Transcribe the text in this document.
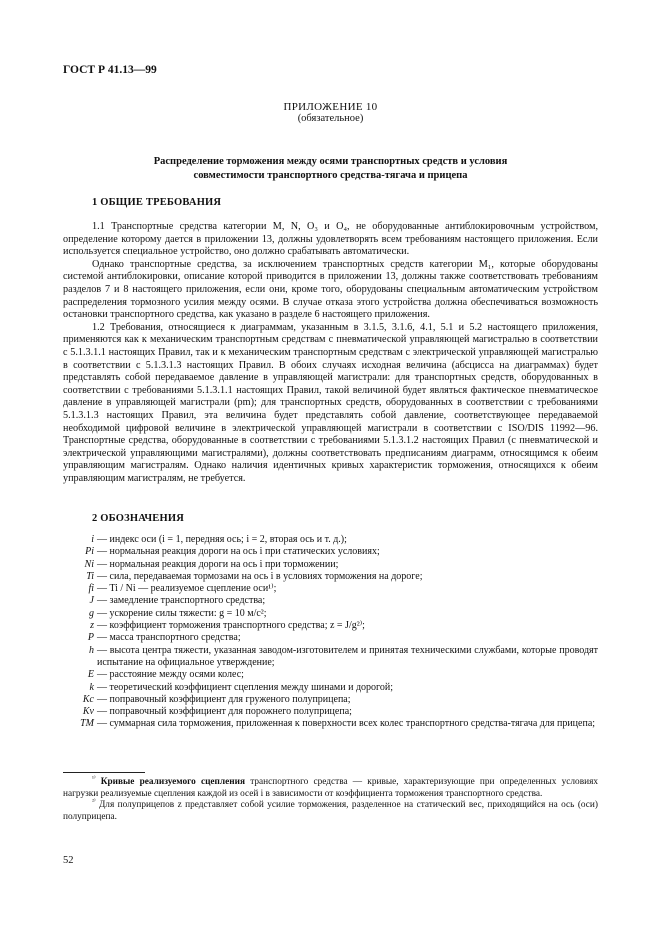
ГОСТ Р 41.13—99
ПРИЛОЖЕНИЕ 10
(обязательное)
Распределение торможения между осями транспортных средств и условия
совместимости транспортного средства-тягача и прицепа
1 ОБЩИЕ ТРЕБОВАНИЯ

1.1 Транспортные средства категории M, N, O₃ и O₄, не оборудованные антиблокировочным устройством, определение которому дается в приложении 13, должны удовлетворять всем требованиям настоящего приложения. Если используется специальное устройство, оно должно срабатывать автоматически.

Однако транспортные средства, за исключением транспортных средств категории M₁, которые оборудованы системой антиблокировки, описание которой приводится в приложении 13, должны также соответствовать требованиям разделов 7 и 8 настоящего приложения, если они, кроме того, оборудованы специальным автоматическим устройством распределения тормозного усилия между осями. В случае отказа этого устройства должна обеспечиваться возможность остановки транспортного средства, как указано в разделе 6 настоящего приложения.

1.2 Требования, относящиеся к диаграммам, указанным в 3.1.5, 3.1.6, 4.1, 5.1 и 5.2 настоящего приложения, применяются как к механическим транспортным средствам с пневматической управляющей магистралью в соответствии с 5.1.3.1.1 настоящих Правил, так и к механическим транспортным средствам с электрической управляющей магистралью в соответствии с 5.1.3.1.3 настоящих Правил. В обоих случаях исходная величина (абсцисса на диаграммах) будет представлять собой передаваемое давление в управляющей магистрали: для транспортных средств, оборудованных в соответствии с требованиями 5.1.3.1.1 настоящих Правил, такой величиной будет являться фактическое пневматическое давление в управляющей магистрали (pm); для транспортных средств, оборудованных в соответствии с требованиями 5.1.3.1.3 настоящих Правил, эта величина будет представлять собой давление, соответствующее передаваемой необходимой цифровой величине в электрической управляющей магистрали в соответствии с ISO/DIS 11992—96. Транспортные средства, оборудованные в соответствии с требованиями 5.1.3.1.2 настоящих Правил (с пневматической и электрической управляющими магистралями), должны соответствовать предписаниям диаграмм, относящимся к обеим управляющим магистралям. Однако наличия идентичных кривых характеристик торможения, относящихся к обеим управляющим магистралям, не требуется.

2 ОБОЗНАЧЕНИЯ
i — индекс оси (i = 1, передняя ось; i = 2, вторая ось и т. д.);
Pi — нормальная реакция дороги на ось i при статических условиях;
Ni — нормальная реакция дороги на ось i при торможении;
Ti — сила, передаваемая тормозами на ось i в условиях торможения на дороге;
fi — Ti / Ni — реализуемое сцепление оси¹⁾;
J — замедление транспортного средства;
g — ускорение силы тяжести: g = 10 м/с²;
z — коэффициент торможения транспортного средства; z = J/g²⁾;
P — масса транспортного средства;
h — высота центра тяжести, указанная заводом-изготовителем и принятая техническими службами, которые проводят испытание на официальное утверждение;
E — расстояние между осями колес;
k — теоретический коэффициент сцепления между шинами и дорогой;
Kc — поправочный коэффициент для груженого полуприцепа;
Kv — поправочный коэффициент для порожнего полуприцепа;
TM — суммарная сила торможения, приложенная к поверхности всех колес транспортного средства-тягача для прицепа;

$^{^{1)}}$ Кривые реализуемого сцепления транспортного средства — кривые, характеризующие при определенных условиях нагрузки реализуемые сцепления каждой из осей i в зависимости от коэффициента торможения транспортного средства.

$^{^{2)}}$ Для полуприцепов z представляет собой усилие торможения, разделенное на статический вес, приходящийся на ось (оси) полуприцепа.

52
